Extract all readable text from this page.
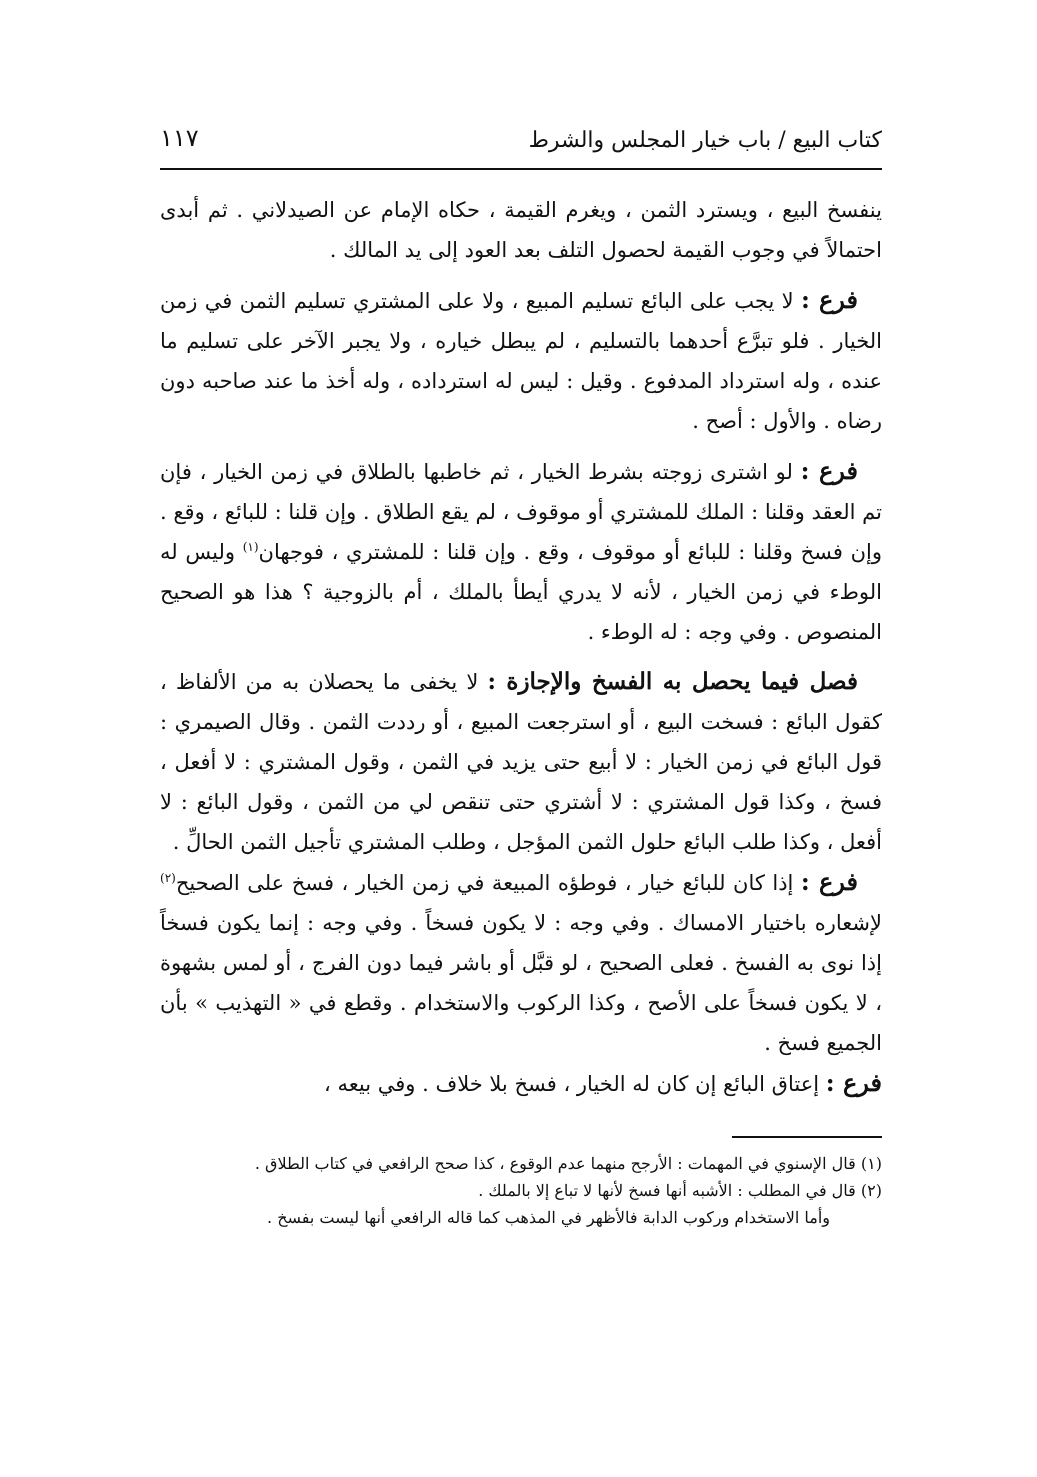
كتاب البيع / باب خيار المجلس والشرط
١١٧

ينفسخ البيع ، ويسترد الثمن ، ويغرم القيمة ، حكاه الإمام عن الصيدلاني . ثم أبدى احتمالاً في وجوب القيمة لحصول التلف بعد العود إلى يد المالك .

فرع : لا يجب على البائع تسليم المبيع ، ولا على المشتري تسليم الثمن في زمن الخيار . فلو تبرَّع أحدهما بالتسليم ، لم يبطل خياره ، ولا يجبر الآخر على تسليم ما عنده ، وله استرداد المدفوع . وقيل : ليس له استرداده ، وله أخذ ما عند صاحبه دون رضاه . والأول : أصح .

فرع : لو اشترى زوجته بشرط الخيار ، ثم خاطبها بالطلاق في زمن الخيار ، فإن تم العقد وقلنا : الملك للمشتري أو موقوف ، لم يقع الطلاق . وإن قلنا : للبائع ، وقع . وإن فسخ وقلنا : للبائع أو موقوف ، وقع . وإن قلنا : للمشتري ، فوجهان$^{(١)}$ وليس له الوطء في زمن الخيار ، لأنه لا يدري أيطأ بالملك ، أم بالزوجية ؟ هذا هو الصحيح المنصوص . وفي وجه : له الوطء .

فصل فيما يحصل به الفسخ والإجازة : لا يخفى ما يحصلان به من الألفاظ ، كقول البائع : فسخت البيع ، أو استرجعت المبيع ، أو رددت الثمن . وقال الصيمري : قول البائع في زمن الخيار : لا أبيع حتى يزيد في الثمن ، وقول المشتري : لا أفعل ، فسخ ، وكذا قول المشتري : لا أشتري حتى تنقص لي من الثمن ، وقول البائع : لا أفعل ، وكذا طلب البائع حلول الثمن المؤجل ، وطلب المشتري تأجيل الثمن الحالِّ .

فرع : إذا كان للبائع خيار ، فوطؤه المبيعة في زمن الخيار ، فسخ على الصحيح$^{(٢)}$ لإشعاره باختيار الامساك . وفي وجه : لا يكون فسخاً . وفي وجه : إنما يكون فسخاً إذا نوى به الفسخ . فعلى الصحيح ، لو قبَّل أو باشر فيما دون الفرج ، أو لمس بشهوة ، لا يكون فسخاً على الأصح ، وكذا الركوب والاستخدام . وقطع في « التهذيب » بأن الجميع فسخ .

فرع : إعتاق البائع إن كان له الخيار ، فسخ بلا خلاف . وفي بيعه ،

(١) قال الإسنوي في المهمات : الأرجح منهما عدم الوقوع ، كذا صحح الرافعي في كتاب الطلاق .

(٢) قال في المطلب : الأشبه أنها فسخ لأنها لا تباع إلا بالملك .

وأما الاستخدام وركوب الدابة فالأظهر في المذهب كما قاله الرافعي أنها ليست بفسخ .
